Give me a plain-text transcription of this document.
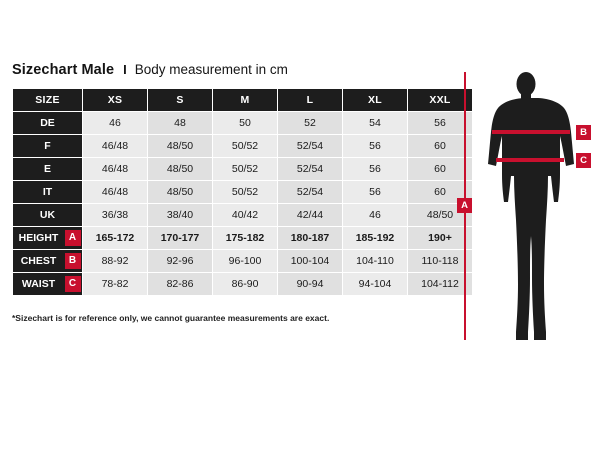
Sizechart Male I Body measurement in cm
SIZE	XS	S	M	L	XL	XXL

DE	46	48	50	52	54	56

F	46/48	48/50	50/52	52/54	56	60

E	46/48	48/50	50/52	52/54	56	60

IT	46/48	48/50	50/52	52/54	56	60

UK	36/38	38/40	40/42	42/44	46	48/50
HEIGHT A	165-172	170-177	175-182	180-187	185-192	190+
CHEST B	88-92	92-96	96-100	100-104	104-110	110-118
WAIST C	78-82	82-86	86-90	90-94	94-104	104-112
*Sizechart is for reference only, we cannot guarantee measurements are exact.
A
B
C
